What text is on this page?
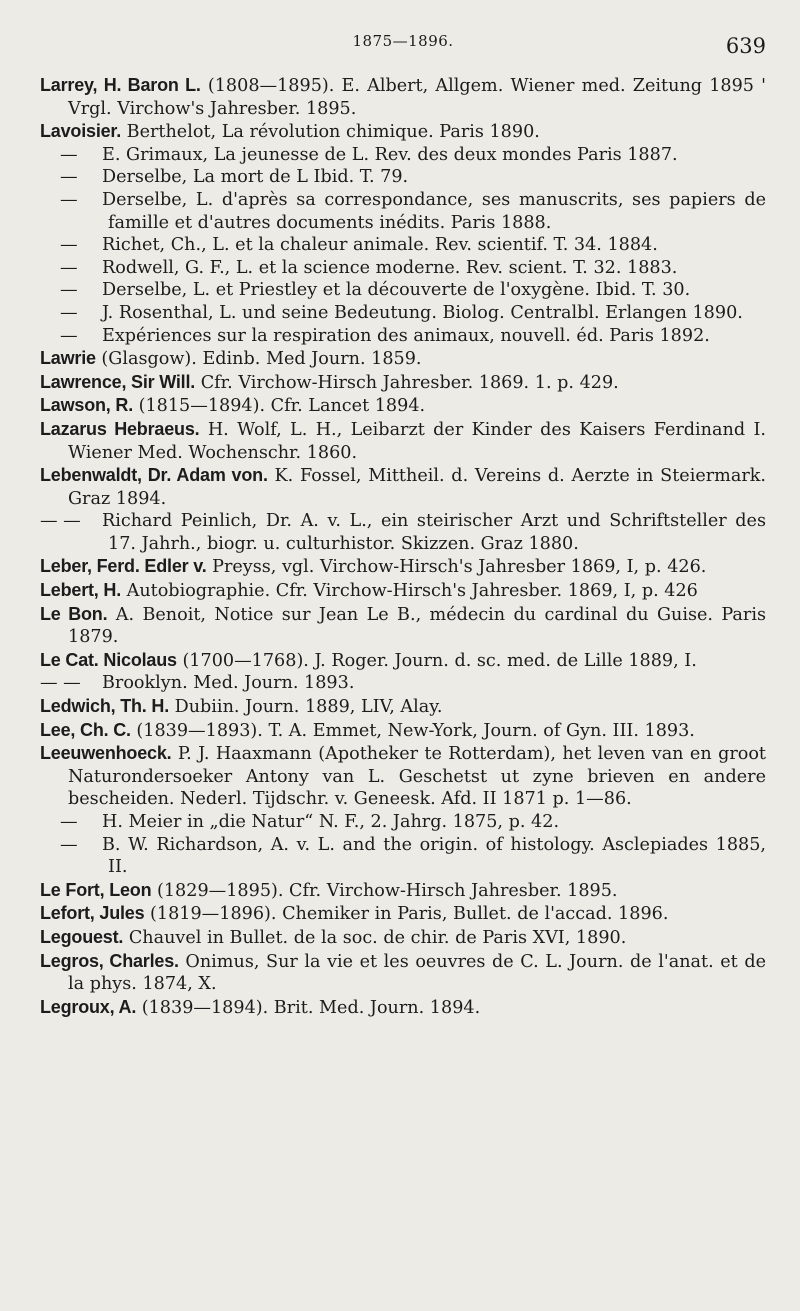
1875—1896.	639

Larrey, H. Baron L. (1808—1895). E. Albert, Allgem. Wiener med. Zeitung 1895 ' Vrgl. Virchow's Jahresber. 1895.

Lavoisier. Berthelot, La révolution chimique. Paris 1890.

— E. Grimaux, La jeunesse de L. Rev. des deux mondes Paris 1887.

— Derselbe, La mort de L Ibid. T. 79.

— Derselbe, L. d'après sa correspondance, ses manuscrits, ses papiers de famille et d'autres documents inédits. Paris 1888.

— Richet, Ch., L. et la chaleur animale. Rev. scientif. T. 34. 1884.

— Rodwell, G. F., L. et la science moderne. Rev. scient. T. 32. 1883.

— Derselbe, L. et Priestley et la découverte de l'oxygène. Ibid. T. 30.

— J. Rosenthal, L. und seine Bedeutung. Biolog. Centralbl. Erlangen 1890.

— Expériences sur la respiration des animaux, nouvell. éd. Paris 1892.

Lawrie (Glasgow). Edinb. Med Journ. 1859.

Lawrence, Sir Will. Cfr. Virchow-Hirsch Jahresber. 1869. 1. p. 429.

Lawson, R. (1815—1894). Cfr. Lancet 1894.

Lazarus Hebraeus. H. Wolf, L. H., Leibarzt der Kinder des Kaisers Ferdinand I. Wiener Med. Wochenschr. 1860.

Lebenwaldt, Dr. Adam von. K. Fossel, Mittheil. d. Vereins d. Aerzte in Steiermark. Graz 1894.

— — Richard Peinlich, Dr. A. v. L., ein steirischer Arzt und Schriftsteller des 17. Jahrh., biogr. u. culturhistor. Skizzen. Graz 1880.

Leber, Ferd. Edler v. Preyss, vgl. Virchow-Hirsch's Jahresber 1869, I, p. 426.

Lebert, H. Autobiographie. Cfr. Virchow-Hirsch's Jahresber. 1869, I, p. 426

Le Bon. A. Benoit, Notice sur Jean Le B., médecin du cardinal du Guise. Paris 1879.

Le Cat. Nicolaus (1700—1768). J. Roger. Journ. d. sc. med. de Lille 1889, I.

— — Brooklyn. Med. Journ. 1893.

Ledwich, Th. H. Dubiin. Journ. 1889, LIV, Alay.

Lee, Ch. C. (1839—1893). T. A. Emmet, New-York, Journ. of Gyn. III. 1893.

Leeuwenhoeck. P. J. Haaxmann (Apotheker te Rotterdam), het leven van en groot Naturondersoeker Antony van L. Geschetst ut zyne brieven en andere bescheiden. Nederl. Tijdschr. v. Geneesk. Afd. II 1871 p. 1—86.

— H. Meier in „die Natur“ N. F., 2. Jahrg. 1875, p. 42.

— B. W. Richardson, A. v. L. and the origin. of histology. Asclepiades 1885, II.

Le Fort, Leon (1829—1895). Cfr. Virchow-Hirsch Jahresber. 1895.

Lefort, Jules (1819—1896). Chemiker in Paris, Bullet. de l'accad. 1896.

Legouest. Chauvel in Bullet. de la soc. de chir. de Paris XVI, 1890.

Legros, Charles. Onimus, Sur la vie et les oeuvres de C. L. Journ. de l'anat. et de la phys. 1874, X.

Legroux, A. (1839—1894). Brit. Med. Journ. 1894.
